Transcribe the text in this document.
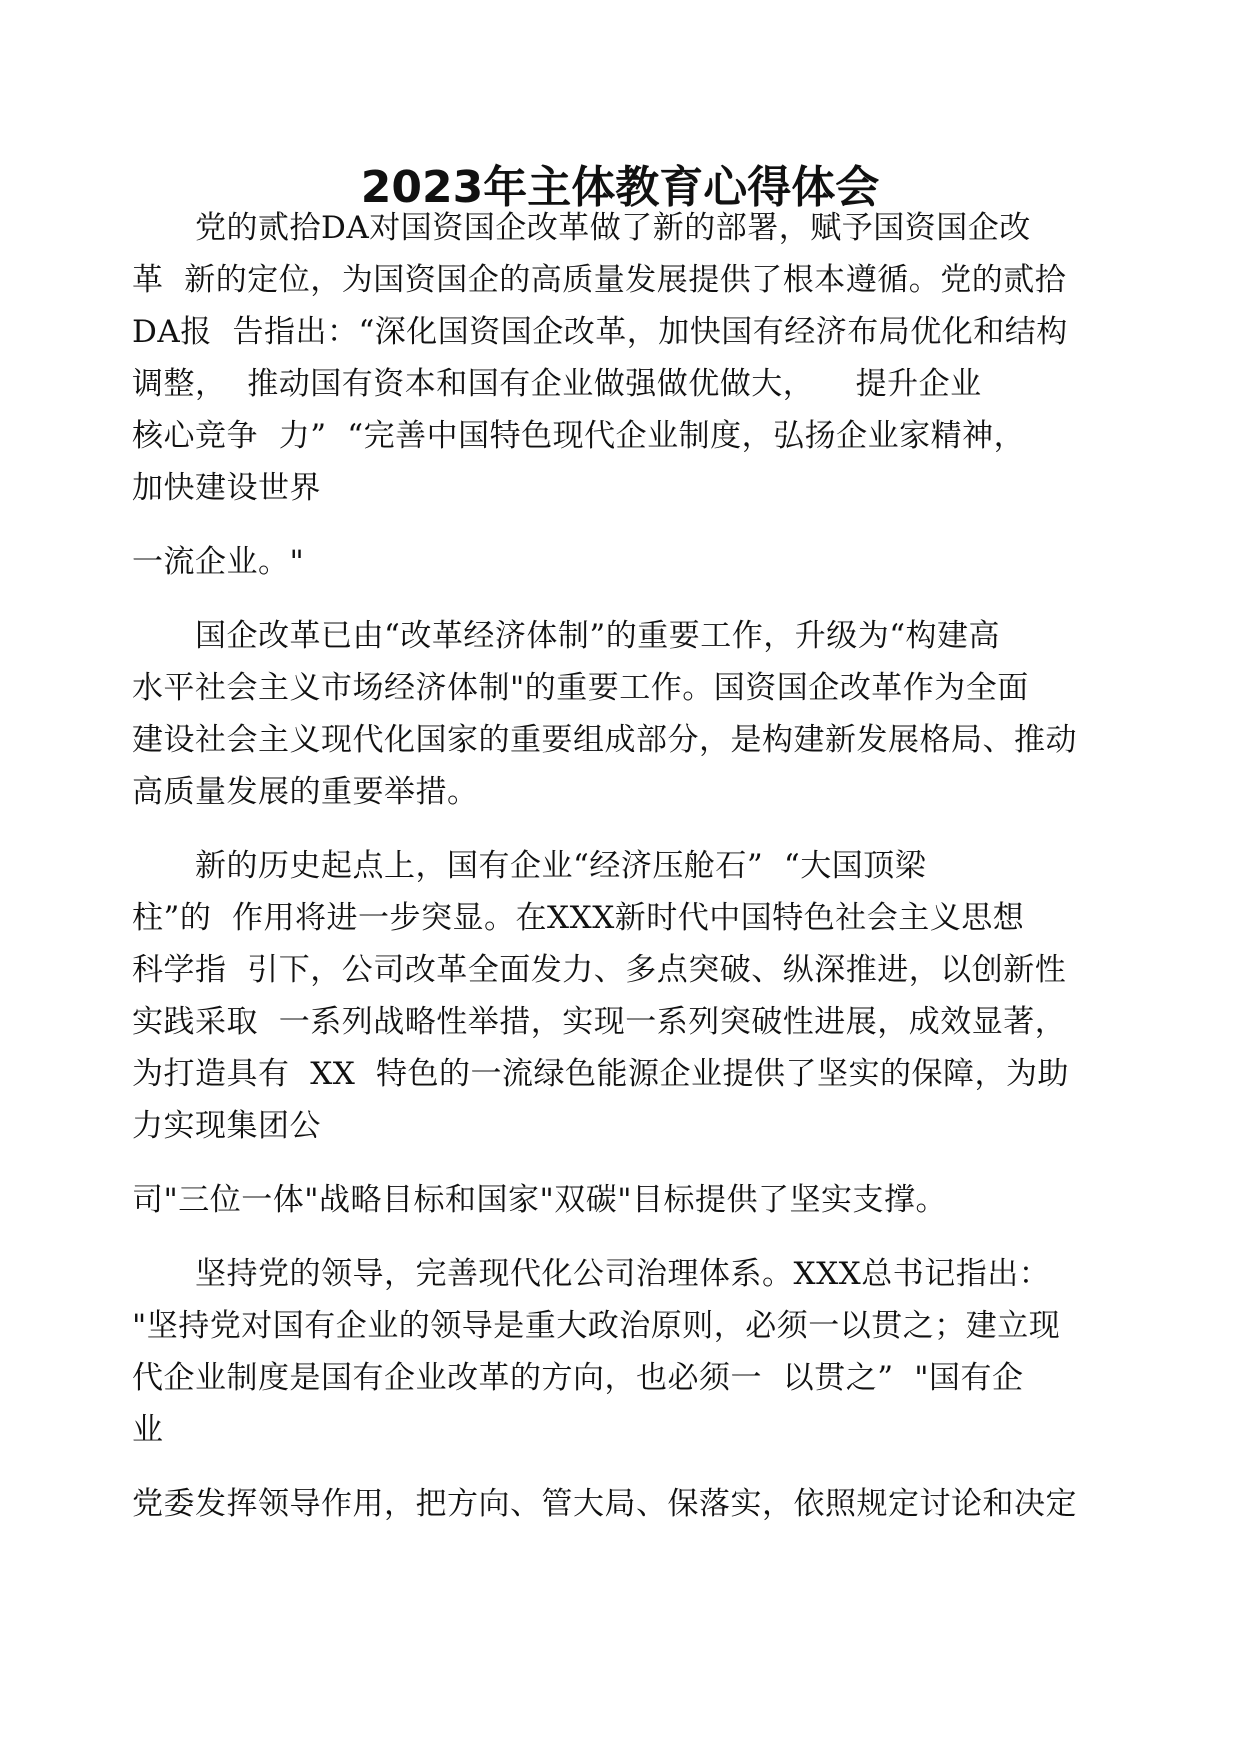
2023年主体教育心得体会
　　党的贰拾DA对国资国企改革做了新的部署，赋予国资国企改
革  新的定位，为国资国企的高质量发展提供了根本遵循。党的贰拾
DA报  告指出：“深化国资国企改革，加快国有经济布局优化和结构
调整，  推动国有资本和国有企业做强做优做大，    提升企业
核心竞争  力”  “完善中国特色现代企业制度，弘扬企业家精神，
加快建设世界
一流企业。"
　　国企改革已由“改革经济体制”的重要工作，升级为“构建高
水平社会主义市场经济体制"的重要工作。国资国企改革作为全面
建设社会主义现代化国家的重要组成部分，是构建新发展格局、推动
高质量发展的重要举措。
　　新的历史起点上，国有企业“经济压舱石”  “大国顶梁
柱”的  作用将进一步突显。在XXX新时代中国特色社会主义思想
科学指  引下，公司改革全面发力、多点突破、纵深推进，以创新性
实践采取  一系列战略性举措，实现一系列突破性进展，成效显著，
为打造具有  XX  特色的一流绿色能源企业提供了坚实的保障，为助
力实现集团公
司"三位一体"战略目标和国家"双碳"目标提供了坚实支撑。
　　坚持党的领导，完善现代化公司治理体系。XXX总书记指出：
"坚持党对国有企业的领导是重大政治原则，必须一以贯之；建立现
代企业制度是国有企业改革的方向，也必须一  以贯之”  "国有企
业
党委发挥领导作用，把方向、管大局、保落实，依照规定讨论和决定
